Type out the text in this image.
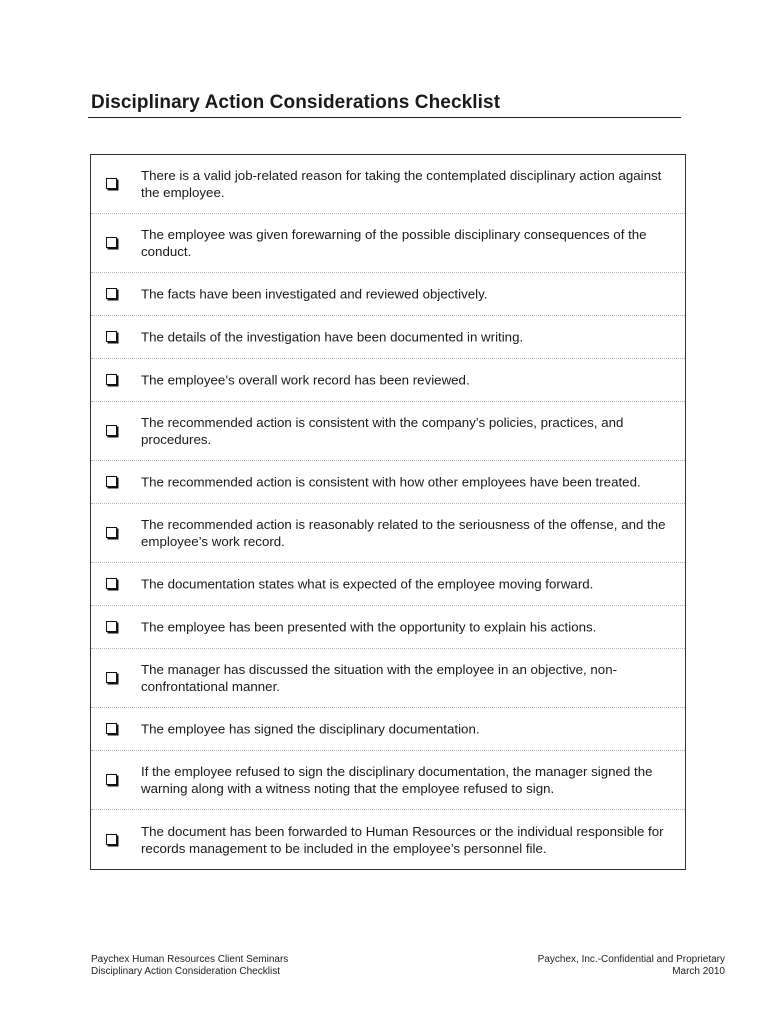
Disciplinary Action Considerations Checklist
There is a valid job-related reason for taking the contemplated disciplinary action against the employee.
The employee was given forewarning of the possible disciplinary consequences of the conduct.
The facts have been investigated and reviewed objectively.
The details of the investigation have been documented in writing.
The employee’s overall work record has been reviewed.
The recommended action is consistent with the company’s policies, practices, and procedures.
The recommended action is consistent with how other employees have been treated.
The recommended action is reasonably related to the seriousness of the offense, and the employee’s work record.
The documentation states what is expected of the employee moving forward.
The employee has been presented with the opportunity to explain his actions.
The manager has discussed the situation with the employee in an objective, non-confrontational manner.
The employee has signed the disciplinary documentation.
If the employee refused to sign the disciplinary documentation, the manager signed the warning along with a witness noting that the employee refused to sign.
The document has been forwarded to Human Resources or the individual responsible for records management to be included in the employee’s personnel file.
Paychex Human Resources Client Seminars
Disciplinary Action Consideration Checklist
Paychex, Inc.-Confidential and Proprietary
March 2010
